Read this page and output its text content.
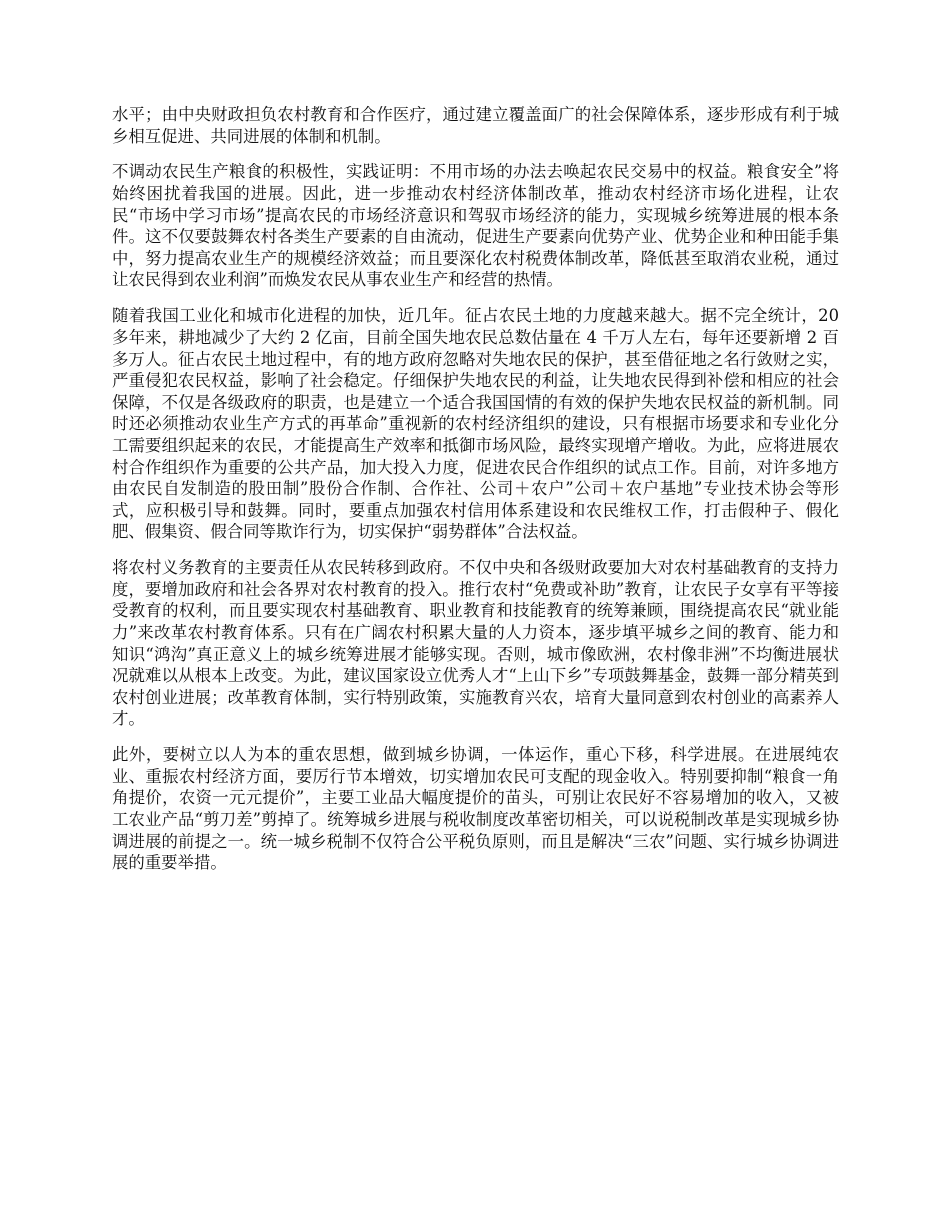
水平；由中央财政担负农村教育和合作医疗，通过建立覆盖面广的社会保障体系，逐步形成有利于城乡相互促进、共同进展的体制和机制。

不调动农民生产粮食的积极性，实践证明：不用市场的办法去唤起农民交易中的权益。粮食安全”将始终困扰着我国的进展。因此，进一步推动农村经济体制改革，推动农村经济市场化进程，让农民“市场中学习市场”提高农民的市场经济意识和驾驭市场经济的能力，实现城乡统筹进展的根本条件。这不仅要鼓舞农村各类生产要素的自由流动，促进生产要素向优势产业、优势企业和种田能手集中，努力提高农业生产的规模经济效益；而且要深化农村税费体制改革，降低甚至取消农业税，通过让农民得到农业利润”而焕发农民从事农业生产和经营的热情。

随着我国工业化和城市化进程的加快，近几年。征占农民土地的力度越来越大。据不完全统计，20 多年来，耕地减少了大约 2 亿亩，目前全国失地农民总数估量在 4 千万人左右，每年还要新增 2 百多万人。征占农民土地过程中，有的地方政府忽略对失地农民的保护，甚至借征地之名行敛财之实，严重侵犯农民权益，影响了社会稳定。仔细保护失地农民的利益，让失地农民得到补偿和相应的社会保障，不仅是各级政府的职责，也是建立一个适合我国国情的有效的保护失地农民权益的新机制。同时还必须推动农业生产方式的再革命”重视新的农村经济组织的建设，只有根据市场要求和专业化分工需要组织起来的农民，才能提高生产效率和抵御市场风险，最终实现增产增收。为此，应将进展农村合作组织作为重要的公共产品，加大投入力度，促进农民合作组织的试点工作。目前，对许多地方由农民自发制造的股田制”股份合作制、合作社、公司＋农户”公司＋农户基地”专业技术协会等形式，应积极引导和鼓舞。同时，要重点加强农村信用体系建设和农民维权工作，打击假种子、假化肥、假集资、假合同等欺诈行为，切实保护“弱势群体”合法权益。

将农村义务教育的主要责任从农民转移到政府。不仅中央和各级财政要加大对农村基础教育的支持力度，要增加政府和社会各界对农村教育的投入。推行农村“免费或补助”教育，让农民子女享有平等接受教育的权利，而且要实现农村基础教育、职业教育和技能教育的统筹兼顾，围绕提高农民“就业能力”来改革农村教育体系。只有在广阔农村积累大量的人力资本，逐步填平城乡之间的教育、能力和知识“鸿沟”真正意义上的城乡统筹进展才能够实现。否则，城市像欧洲，农村像非洲”不均衡进展状况就难以从根本上改变。为此，建议国家设立优秀人才“上山下乡”专项鼓舞基金，鼓舞一部分精英到农村创业进展；改革教育体制，实行特别政策，实施教育兴农，培育大量同意到农村创业的高素养人才。

此外，要树立以人为本的重农思想，做到城乡协调，一体运作，重心下移，科学进展。在进展纯农业、重振农村经济方面，要厉行节本增效，切实增加农民可支配的现金收入。特别要抑制“粮食一角角提价，农资一元元提价”，主要工业品大幅度提价的苗头，可别让农民好不容易增加的收入，又被工农业产品“剪刀差”剪掉了。统筹城乡进展与税收制度改革密切相关，可以说税制改革是实现城乡协调进展的前提之一。统一城乡税制不仅符合公平税负原则，而且是解决“三农”问题、实行城乡协调进展的重要举措。
